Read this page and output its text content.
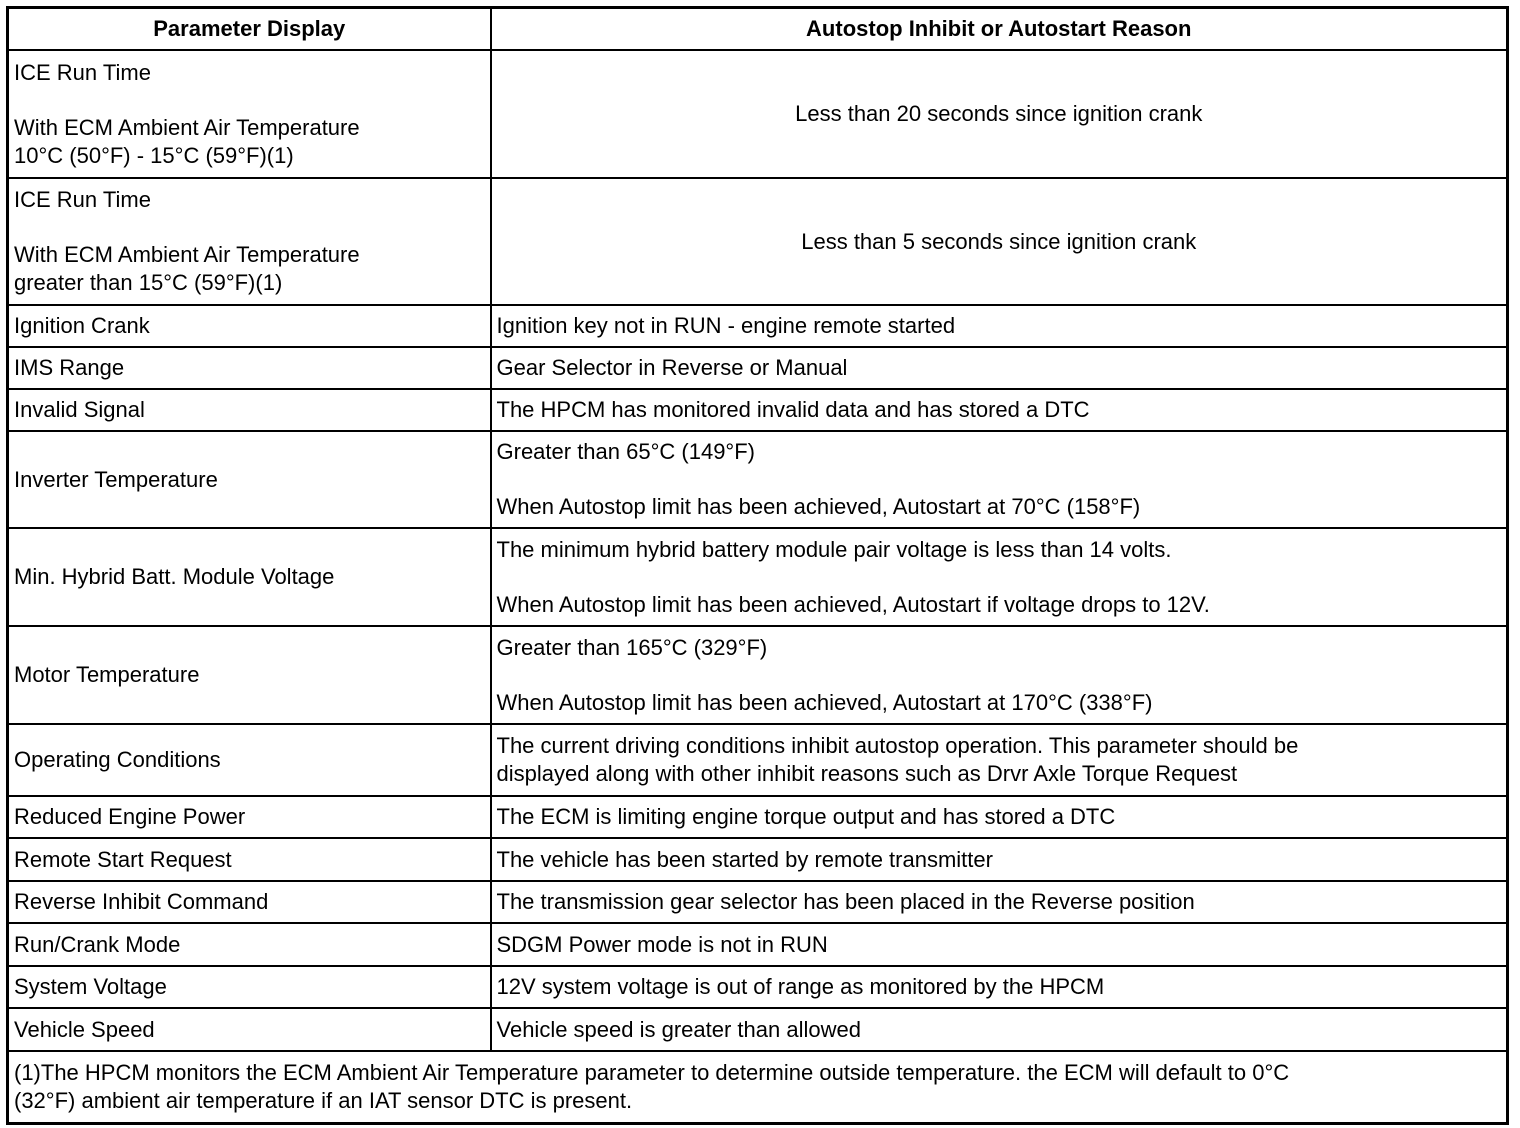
Parameter Display	Autostop Inhibit or Autostart Reason

ICE Run Time
With ECM Ambient Air Temperature
10°C (50°F) - 15°C (59°F)(1)	Less than 20 seconds since ignition crank

ICE Run Time
With ECM Ambient Air Temperature
greater than 15°C (59°F)(1)	Less than 5 seconds since ignition crank
Ignition Crank	Ignition key not in RUN - engine remote started
IMS Range	Gear Selector in Reverse or Manual
Invalid Signal	The HPCM has monitored invalid data and has stored a DTC
Inverter Temperature	Greater than 65°C (149°F)
When Autostop limit has been achieved, Autostart at 70°C (158°F)

Min. Hybrid Batt. Module Voltage	The minimum hybrid battery module pair voltage is less than 14 volts.
When Autostop limit has been achieved, Autostart if voltage drops to 12V.

Motor Temperature	Greater than 165°C (329°F)
When Autostop limit has been achieved, Autostart at 170°C (338°F)

Operating Conditions	The current driving conditions inhibit autostop operation. This parameter should be
displayed along with other inhibit reasons such as Drvr Axle Torque Request

Reduced Engine Power	The ECM is limiting engine torque output and has stored a DTC
Remote Start Request	The vehicle has been started by remote transmitter
Reverse Inhibit Command	The transmission gear selector has been placed in the Reverse position
Run/Crank Mode	SDGM Power mode is not in RUN
System Voltage	12V system voltage is out of range as monitored by the HPCM
Vehicle Speed	Vehicle speed is greater than allowed

(1)The HPCM monitors the ECM Ambient Air Temperature parameter to determine outside temperature. the ECM will default to 0°C
(32°F) ambient air temperature if an IAT sensor DTC is present.	
